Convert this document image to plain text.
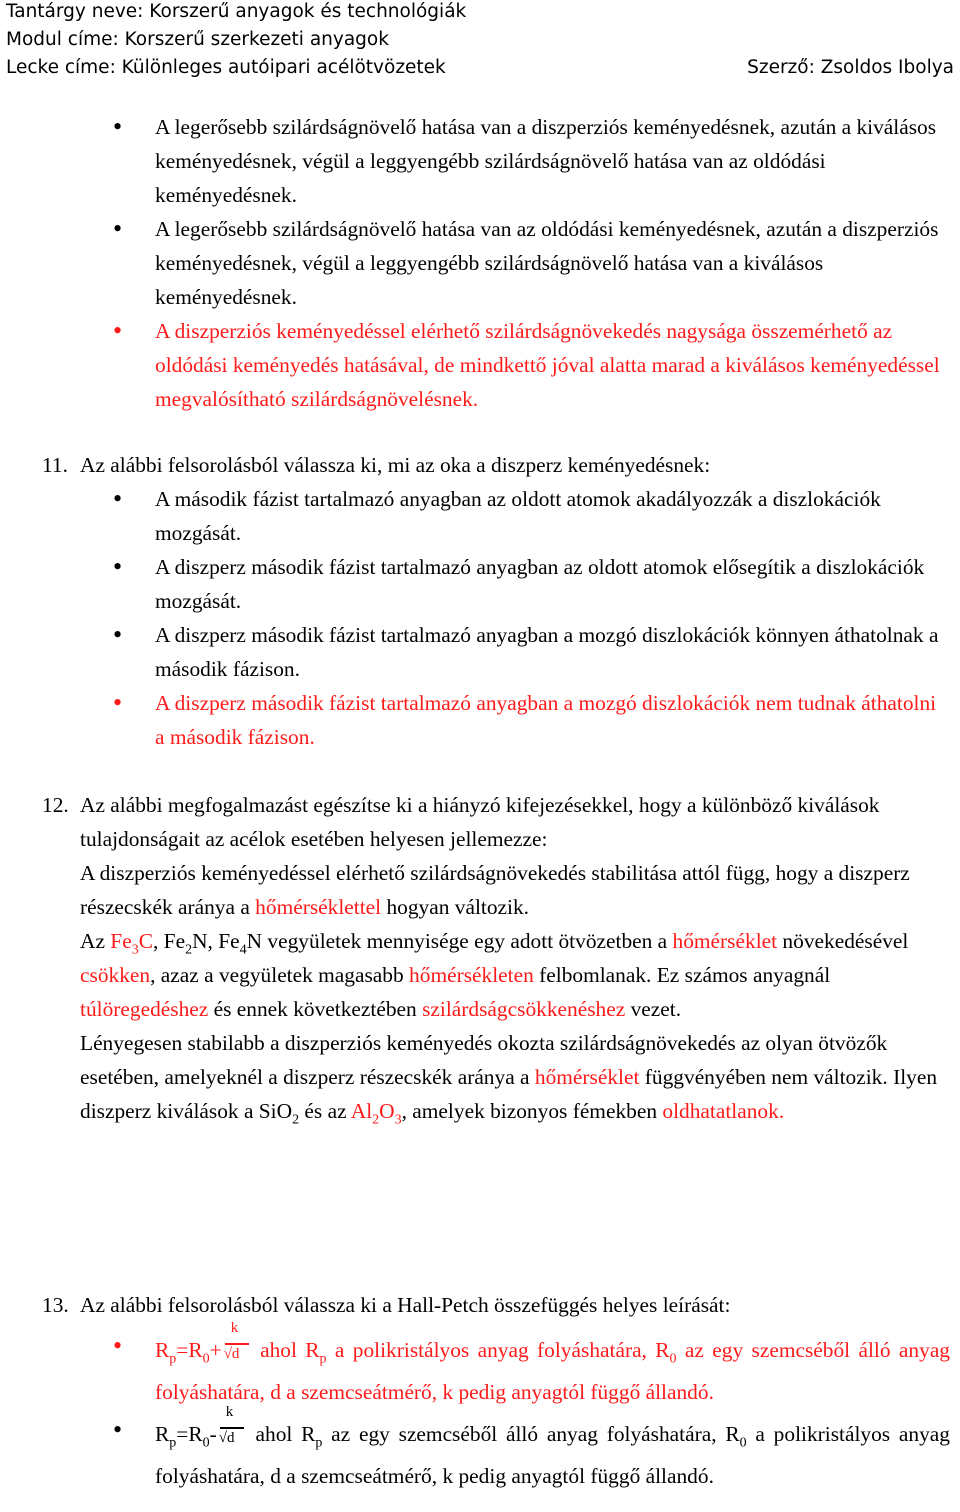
Tantárgy neve: Korszerű anyagok és technológiák
Modul címe: Korszerű szerkezeti anyagok
Lecke címe: Különleges autóipari acélötvözetek	Szerző: Zsoldos Ibolya
• A legerősebb szilárdságnövelő hatása van a diszperziós keményedésnek, azután a kiválásos keményedésnek, végül a leggyengébb szilárdságnövelő hatása van az oldódási keményedésnek.
• A legerősebb szilárdságnövelő hatása van az oldódási keményedésnek, azután a diszperziós keményedésnek, végül a leggyengébb szilárdságnövelő hatása van a kiválásos keményedésnek.
• A diszperziós keményedéssel elérhető szilárdságnövekedés nagysága összemérhető az oldódási keményedés hatásával, de mindkettő jóval alatta marad a kiválásos keményedéssel megvalósítható szilárdságnövelésnek.
11. Az alábbi felsorolásból válassza ki, mi az oka a diszperz keményedésnek:
• A második fázist tartalmazó anyagban az oldott atomok akadályozzák a diszlokációk mozgását.
• A diszperz második fázist tartalmazó anyagban az oldott atomok elősegítik a diszlokációk mozgását.
• A diszperz második fázist tartalmazó anyagban a mozgó diszlokációk könnyen áthatolnak a második fázison.
• A diszperz második fázist tartalmazó anyagban a mozgó diszlokációk nem tudnak áthatolni a második fázison.
12. Az alábbi megfogalmazást egészítse ki a hiányzó kifejezésekkel, hogy a különböző kiválások tulajdonságait az acélok esetében helyesen jellemezze:
A diszperziós keményedéssel elérhető szilárdságnövekedés stabilitása attól függ, hogy a diszperz részecskék aránya a hőmérséklettel hogyan változik.
Az $Fe_3C$, $Fe_2N$, $Fe_4N$ vegyületek mennyisége egy adott ötvözetben a hőmérséklet növekedésével csökken, azaz a vegyületek magasabb hőmérsékleten felbomlanak. Ez számos anyagnál túlöregedéshez és ennek következtében szilárdságcsökkenéshez vezet.
Lényegesen stabilabb a diszperziós keményedés okozta szilárdságnövekedés az olyan ötvözők esetében, amelyeknél a diszperz részecskék aránya a hőmérséklet függvényében nem változik. Ilyen diszperz kiválások a SiO$_2$ és az $Al_2O_3$, amelyek bizonyos fémekben oldhatatlanok.
13. Az alábbi felsorolásból válassza ki a Hall-Petch összefüggés helyes leírását:
• $R_p=R_0+ \frac{k}{√d}$ ahol $R_p$ a polikristályos anyag folyáshatára, $R_0$ az egy szemcséből álló anyag folyáshatára, d a szemcseátmérő, k pedig anyagtól függő állandó.
• $R_p=R_0- \frac{k}{√d}$ ahol $R_p$ az egy szemcséből álló anyag folyáshatára, $R_0$ a polikristályos anyag folyáshatára, d a szemcseátmérő, k pedig anyagtól függő állandó.
